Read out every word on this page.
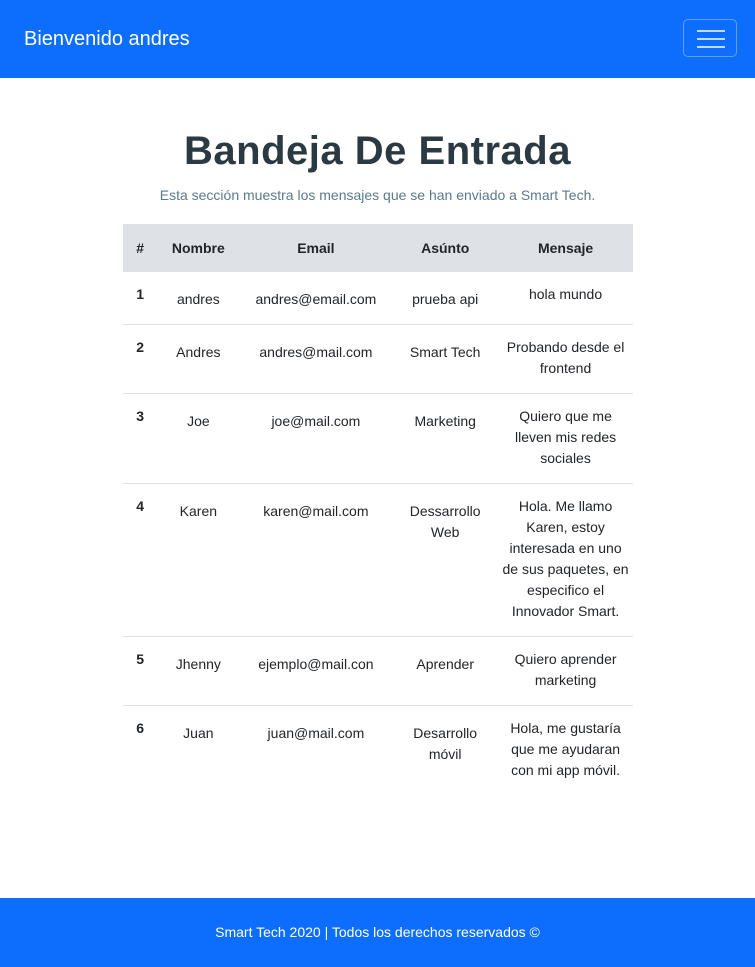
Bienvenido andres
Bandeja De Entrada
Esta sección muestra los mensajes que se han enviado a Smart Tech.
#	Nombre	Email	Asúnto	Mensaje
1	andres	andres@email.com	prueba api	hola mundo
2	Andres	andres@mail.com	Smart Tech	Probando desde el frontend
3	Joe	joe@mail.com	Marketing	Quiero que me lleven mis redes sociales
4	Karen	karen@mail.com	Dessarrollo Web	Hola. Me llamo Karen, estoy interesada en uno de sus paquetes, en especifico el Innovador Smart.
5	Jhenny	ejemplo@mail.con	Aprender	Quiero aprender marketing
6	Juan	juan@mail.com	Desarrollo móvil	Hola, me gustaría que me ayudaran con mi app móvil.
Smart Tech 2020 | Todos los derechos reservados ©
